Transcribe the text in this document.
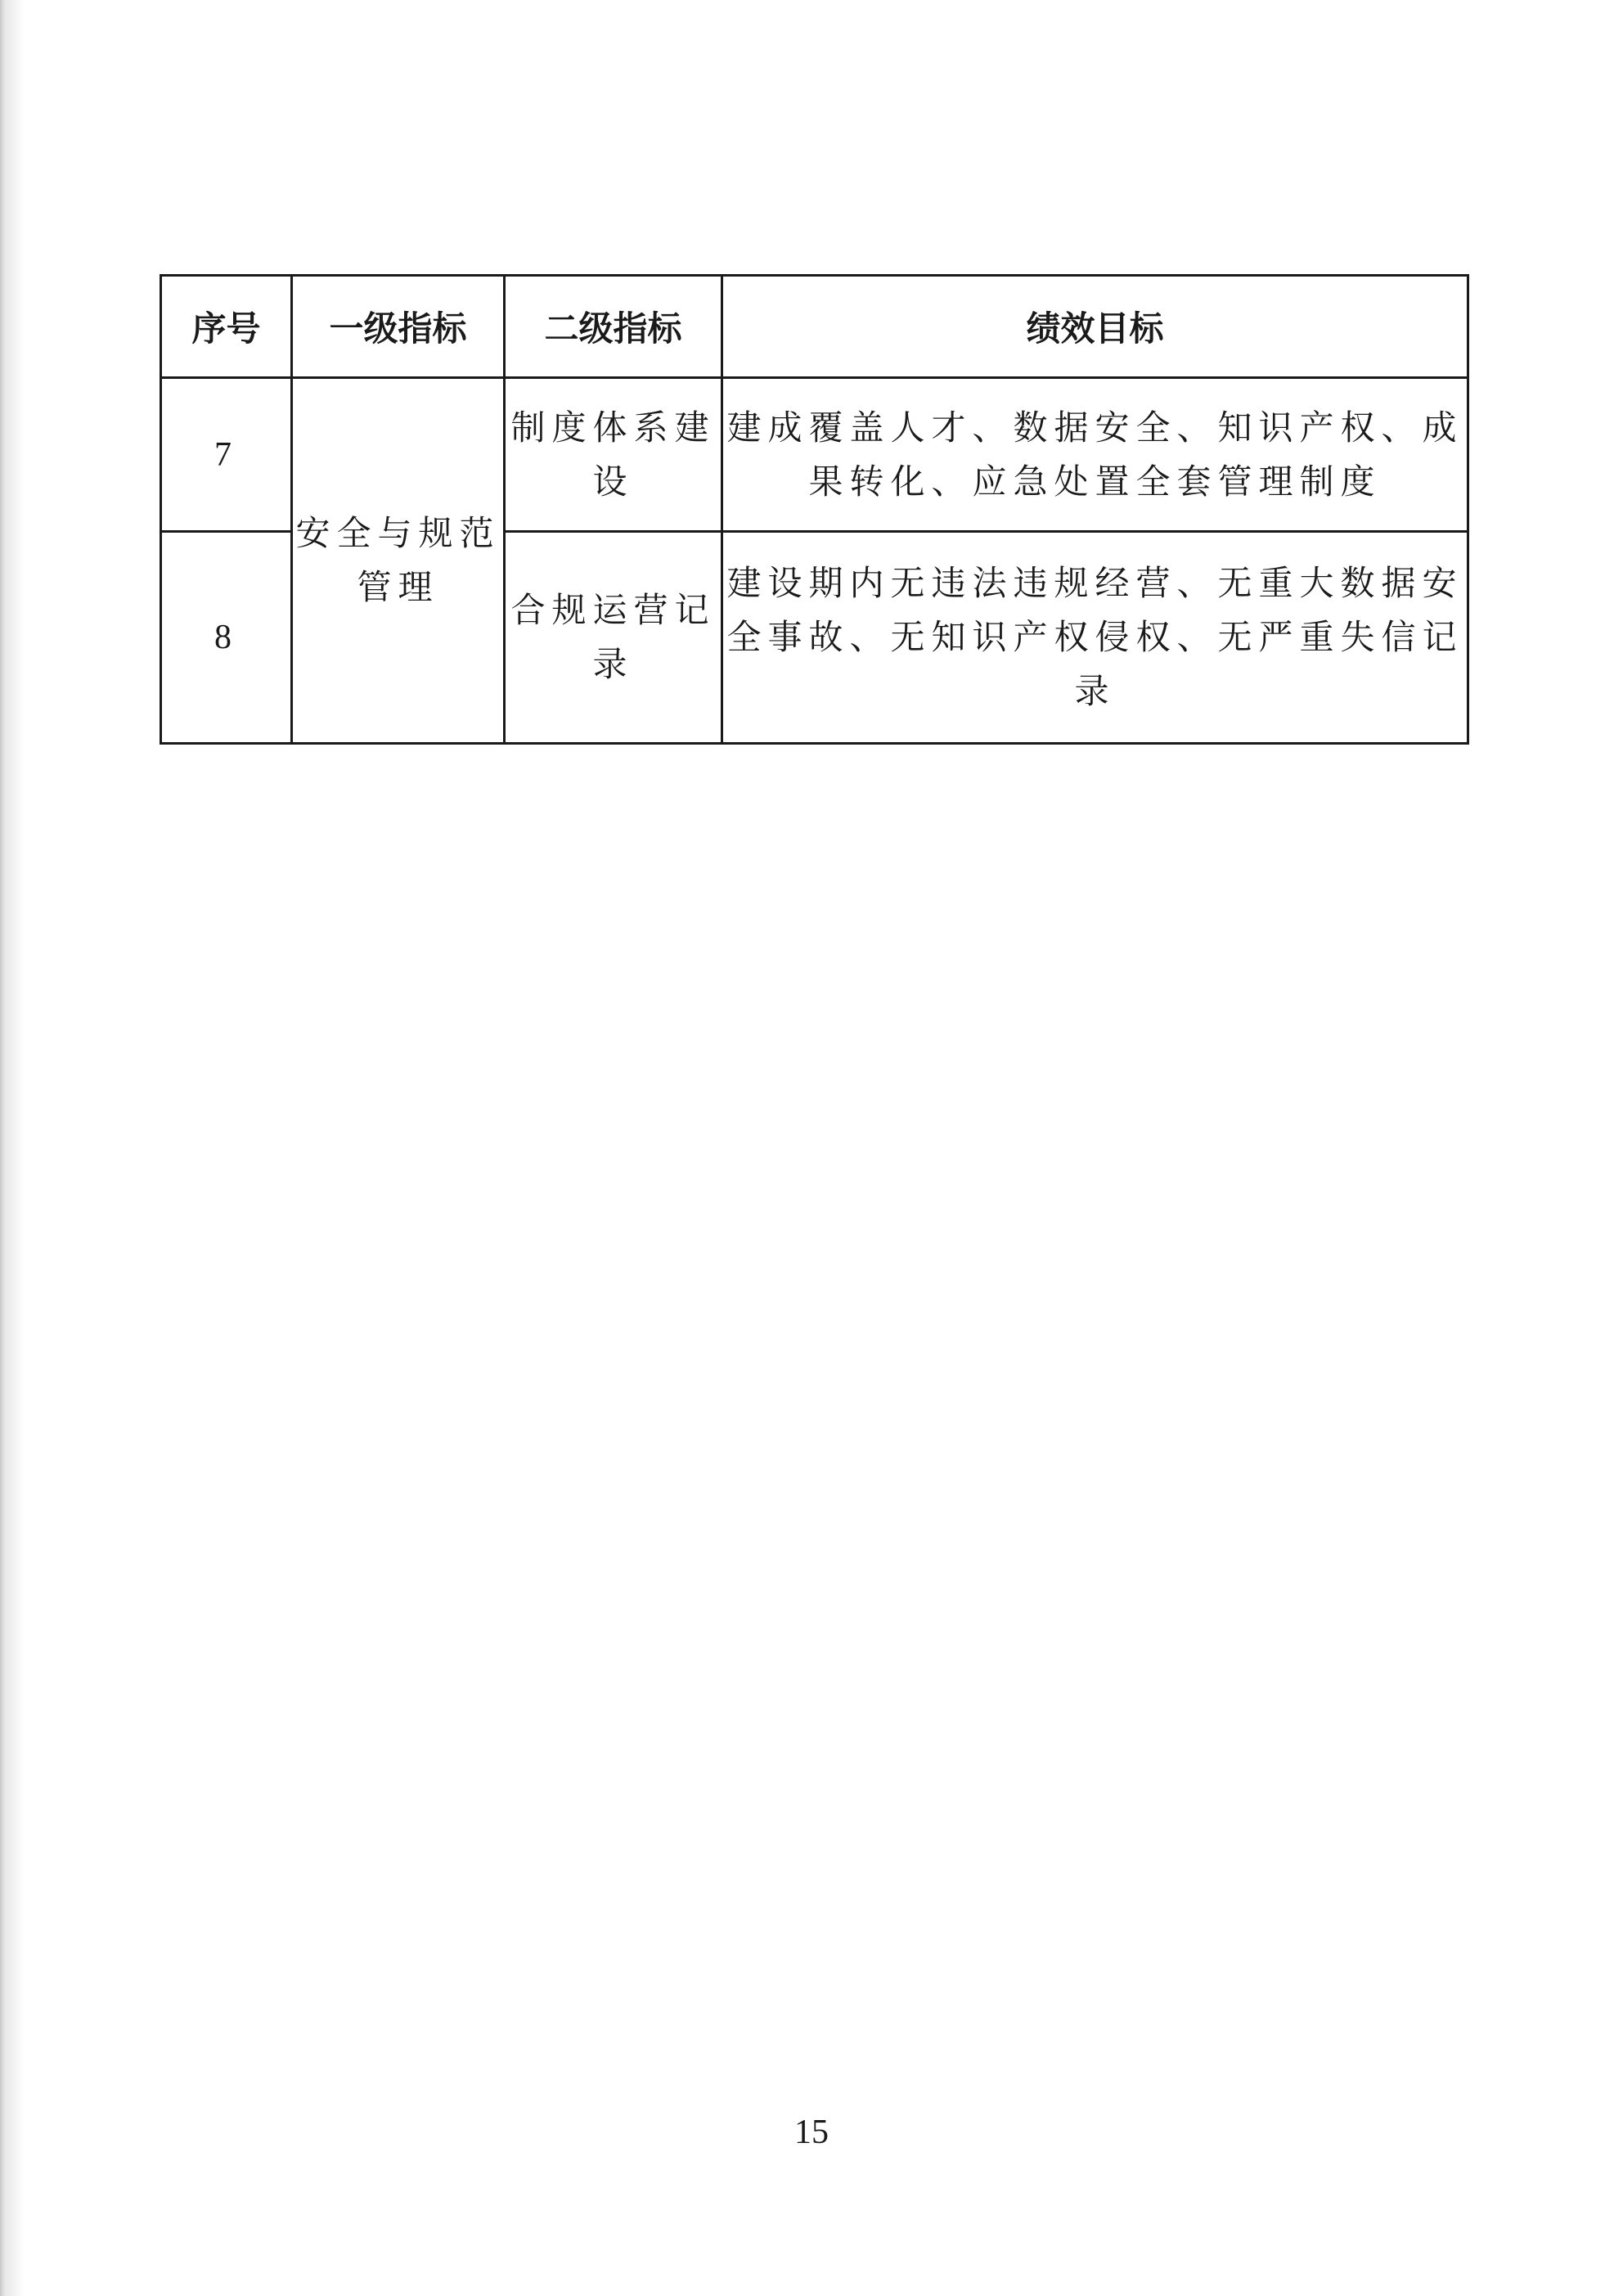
序号	一级指标	二级指标	绩效目标
7	安全与规范管理	制度体系建设	建成覆盖人才、数据安全、知识产权、成果转化、应急处置全套管理制度
8		合规运营记录	建设期内无违法违规经营、无重大数据安全事故、无知识产权侵权、无严重失信记录
15
